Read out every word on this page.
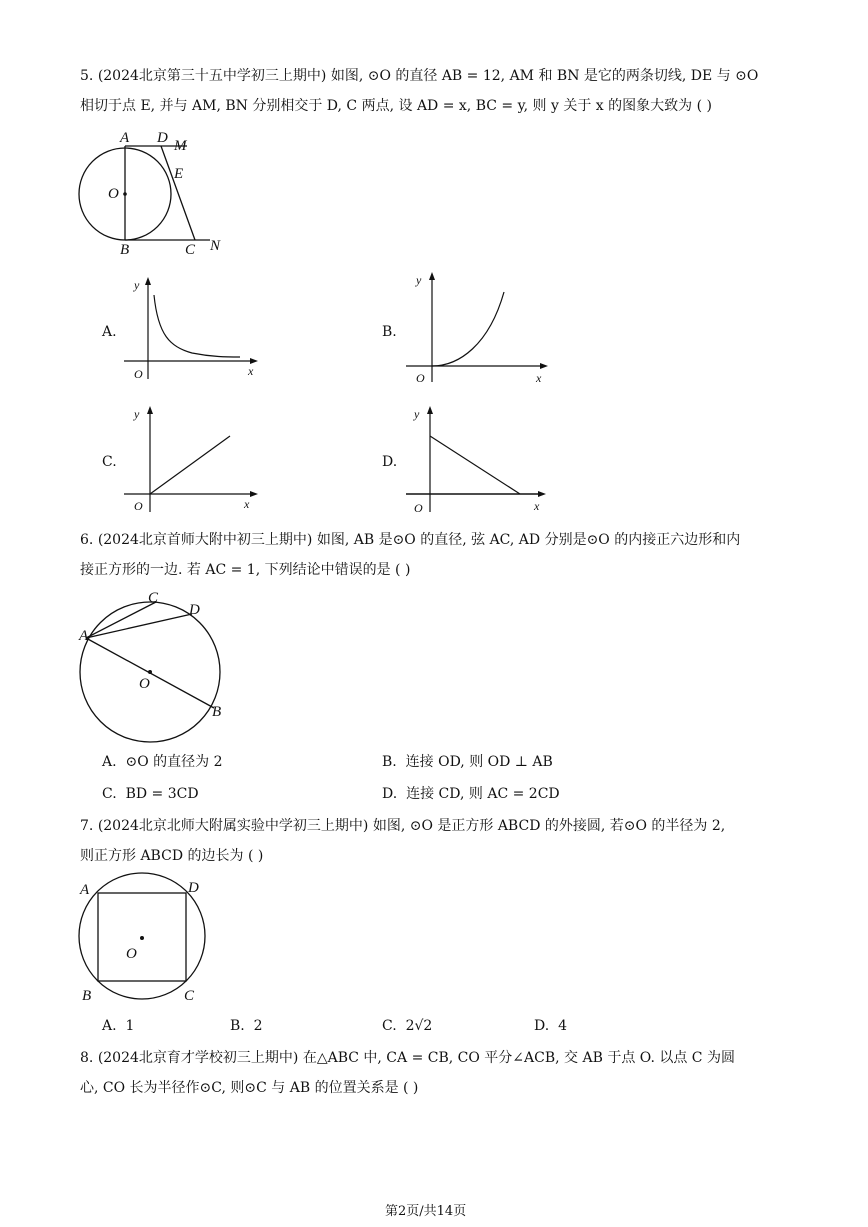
5. (2024北京第三十五中学初三上期中) 如图, ⊙O 的直径 AB = 12, AM 和 BN 是它的两条切线, DE 与 ⊙O
相切于点 E, 并与 AM, BN 分别相交于 D, C 两点, 设 AD = x, BC = y, 则 y 关于 x 的图象大致为 ( )
A D M
E
O
B	C N
A.
y
x
O
B.
y
x
O
C.
y
x
O
D.
y
x
O
6. (2024北京首师大附中初三上期中) 如图, AB 是⊙O 的直径, 弦 AC, AD 分别是⊙O 的内接正六边形和内
接正方形的一边. 若 AC = 1, 下列结论中错误的是 ( )
C
D
A
O
B
A. ⊙O 的直径为 2	B. 连接 OD, 则 OD ⊥ AB
C. BD = 3CD	D. 连接 CD, 则 AC = 2CD
7. (2024北京北师大附属实验中学初三上期中) 如图, ⊙O 是正方形 ABCD 的外接圆, 若⊙O 的半径为 2,
则正方形 ABCD 的边长为 ( )
A	D
O
B	C
A. 1	B. 2	C. 2√2	D. 4
8. (2024北京育才学校初三上期中) 在△ABC 中, CA = CB, CO 平分∠ACB, 交 AB 于点 O. 以点 C 为圆
心, CO 长为半径作⊙C, 则⊙C 与 AB 的位置关系是 ( )
第2页/共14页
